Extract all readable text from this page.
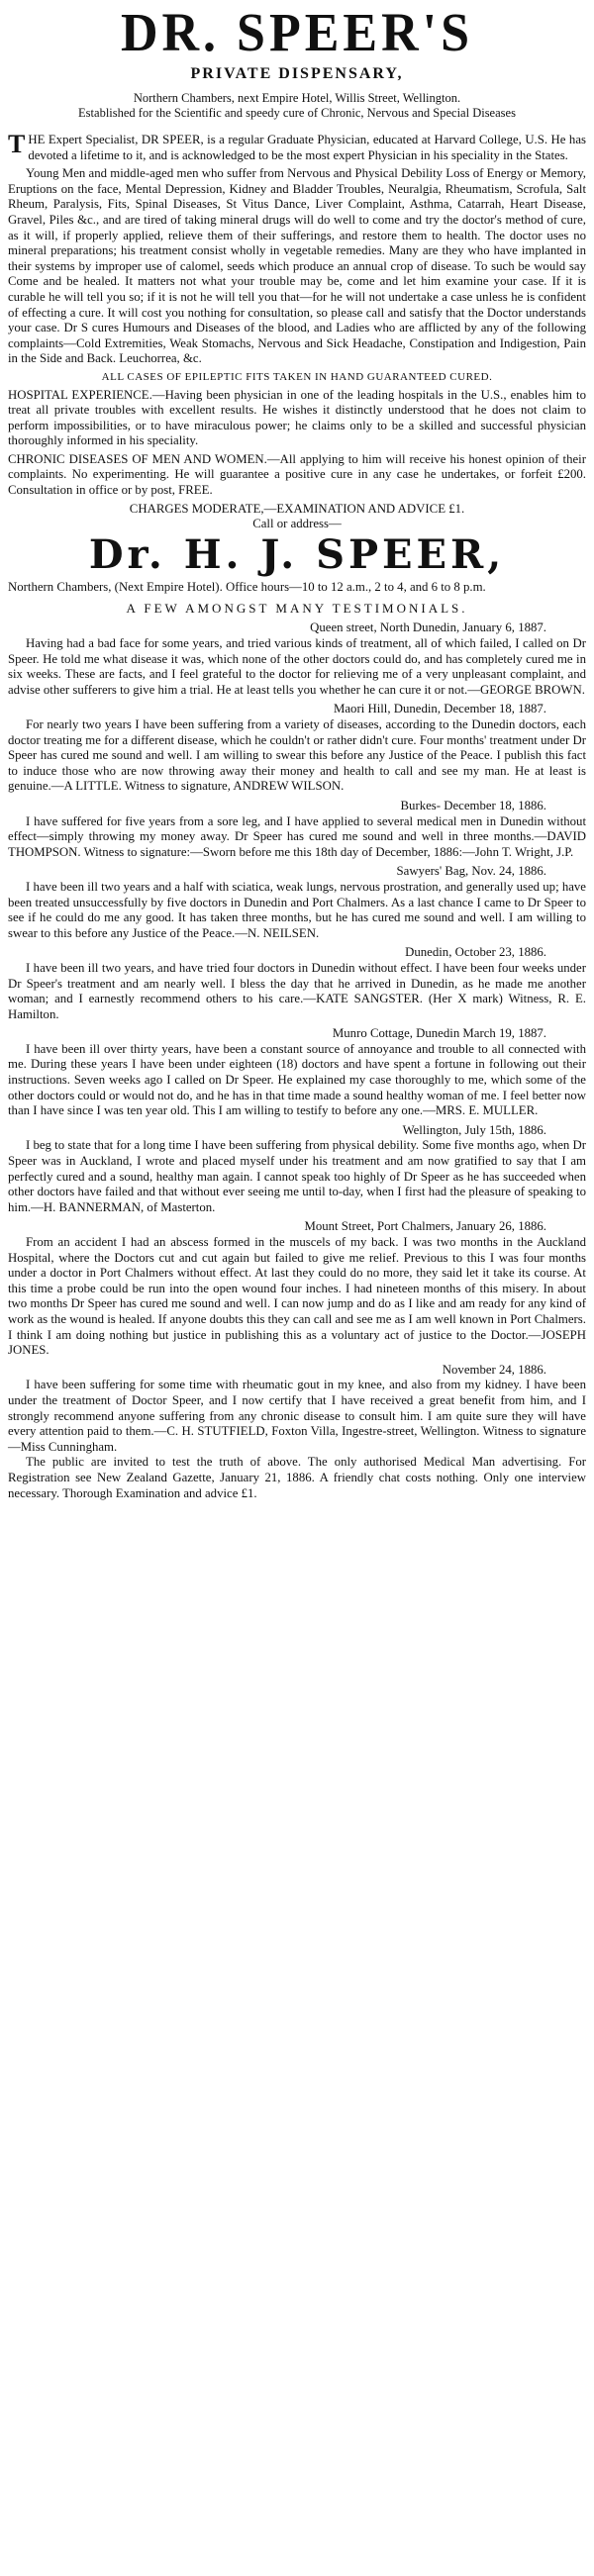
DR. SPEER'S
PRIVATE DISPENSARY,

Northern Chambers, next Empire Hotel, Willis Street, Wellington.

Established for the Scientific and speedy cure of Chronic, Nervous and Special Diseases

THE Expert Specialist, DR SPEER, is a regular Graduate Physician, educated at Harvard College, U.S. He has devoted a lifetime to it, and is acknowledged to be the most expert Physician in his speciality in the States.

Young Men and middle-aged men who suffer from Nervous and Physical Debility Loss of Energy or Memory, Eruptions on the face, Mental Depression, Kidney and Bladder Troubles, Neuralgia, Rheumatism, Scrofula, Salt Rheum, Paralysis, Fits, Spinal Diseases, St Vitus Dance, Liver Complaint, Asthma, Catarrah, Heart Disease, Gravel, Piles &c., and are tired of taking mineral drugs will do well to come and try the doctor's method of cure, as it will, if properly applied, relieve them of their sufferings, and restore them to health. The doctor uses no mineral preparations; his treatment consist wholly in vegetable remedies. Many are they who have implanted in their systems by improper use of calomel, seeds which produce an annual crop of disease. To such be would say Come and be healed. It matters not what your trouble may be, come and let him examine your case. If it is curable he will tell you so; if it is not he will tell you that—for he will not undertake a case unless he is confident of effecting a cure. It will cost you nothing for consultation, so please call and satisfy that the Doctor understands your case. Dr S cures Humours and Diseases of the blood, and Ladies who are afflicted by any of the following complaints—Cold Extremities, Weak Stomachs, Nervous and Sick Headache, Constipation and Indigestion, Pain in the Side and Back. Leuchorrea, &c.

ALL CASES OF EPILEPTIC FITS TAKEN IN HAND GUARANTEED CURED.

HOSPITAL EXPERIENCE.—Having been physician in one of the leading hospitals in the U.S., enables him to treat all private troubles with excellent results. He wishes it distinctly understood that he does not claim to perform impossibilities, or to have miraculous power; he claims only to be a skilled and successful physician thoroughly informed in his speciality.

CHRONIC DISEASES OF MEN AND WOMEN.—All applying to him will receive his honest opinion of their complaints. No experimenting. He will guarantee a positive cure in any case he undertakes, or forfeit £200. Consultation in office or by post, FREE.

CHARGES MODERATE,—EXAMINATION AND ADVICE £1.

Call or address—

Dr. H. J. SPEER,

Northern Chambers, (Next Empire Hotel). Office hours—10 to 12 a.m., 2 to 4, and 6 to 8 p.m.

A FEW AMONGST MANY TESTIMONIALS.
Queen street, North Dunedin, January 6, 1887.

Having had a bad face for some years, and tried various kinds of treatment, all of which failed, I called on Dr Speer. He told me what disease it was, which none of the other doctors could do, and has completely cured me in six weeks. These are facts, and I feel grateful to the doctor for relieving me of a very unpleasant complaint, and advise other sufferers to give him a trial. He at least tells you whether he can cure it or not.—GEORGE BROWN.

Maori Hill, Dunedin, December 18, 1887.

For nearly two years I have been suffering from a variety of diseases, according to the Dunedin doctors, each doctor treating me for a different disease, which he couldn't or rather didn't cure. Four months' treatment under Dr Speer has cured me sound and well. I am willing to swear this before any Justice of the Peace. I publish this fact to induce those who are now throwing away their money and health to call and see my man. He at least is genuine.—A LITTLE. Witness to signature, ANDREW WILSON.

Burkes- December 18, 1886.

I have suffered for five years from a sore leg, and I have applied to several medical men in Dunedin without effect—simply throwing my money away. Dr Speer has cured me sound and well in three months.—DAVID THOMPSON. Witness to signature:—Sworn before me this 18th day of December, 1886:—John T. Wright, J.P.

Sawyers' Bag, Nov. 24, 1886.

I have been ill two years and a half with sciatica, weak lungs, nervous prostration, and generally used up; have been treated unsuccessfully by five doctors in Dunedin and Port Chalmers. As a last chance I came to Dr Speer to see if he could do me any good. It has taken three months, but he has cured me sound and well. I am willing to swear to this before any Justice of the Peace.—N. NEILSEN.

Dunedin, October 23, 1886.

I have been ill two years, and have tried four doctors in Dunedin without effect. I have been four weeks under Dr Speer's treatment and am nearly well. I bless the day that he arrived in Dunedin, as he made me another woman; and I earnestly recommend others to his care.—KATE SANGSTER. (Her X mark) Witness, R. E. Hamilton.

Munro Cottage, Dunedin March 19, 1887.

I have been ill over thirty years, have been a constant source of annoyance and trouble to all connected with me. During these years I have been under eighteen (18) doctors and have spent a fortune in following out their instructions. Seven weeks ago I called on Dr Speer. He explained my case thoroughly to me, which some of the other doctors could or would not do, and he has in that time made a sound healthy woman of me. I feel better now than I have since I was ten year old. This I am willing to testify to before any one.—MRS. E. MULLER.

Wellington, July 15th, 1886.

I beg to state that for a long time I have been suffering from physical debility. Some five months ago, when Dr Speer was in Auckland, I wrote and placed myself under his treatment and am now gratified to say that I am perfectly cured and a sound, healthy man again. I cannot speak too highly of Dr Speer as he has succeeded when other doctors have failed and that without ever seeing me until to-day, when I first had the pleasure of speaking to him.—H. BANNERMAN, of Masterton.

Mount Street, Port Chalmers, January 26, 1886.

From an accident I had an abscess formed in the muscels of my back. I was two months in the Auckland Hospital, where the Doctors cut and cut again but failed to give me relief. Previous to this I was four months under a doctor in Port Chalmers without effect. At last they could do no more, they said let it take its course. At this time a probe could be run into the open wound four inches. I had nineteen months of this misery. In about two months Dr Speer has cured me sound and well. I can now jump and do as I like and am ready for any kind of work as the wound is healed. If anyone doubts this they can call and see me as I am well known in Port Chalmers. I think I am doing nothing but justice in publishing this as a voluntary act of justice to the Doctor.—JOSEPH JONES.

November 24, 1886.

I have been suffering for some time with rheumatic gout in my knee, and also from my kidney. I have been under the treatment of Doctor Speer, and I now certify that I have received a great benefit from him, and I strongly recommend anyone suffering from any chronic disease to consult him. I am quite sure they will have every attention paid to them.—C. H. STUTFIELD, Foxton Villa, Ingestre-street, Wellington. Witness to signature—Miss Cunningham.

The public are invited to test the truth of above. The only authorised Medical Man advertising. For Registration see New Zealand Gazette, January 21, 1886. A friendly chat costs nothing. Only one interview necessary. Thorough Examination and advice £1.
